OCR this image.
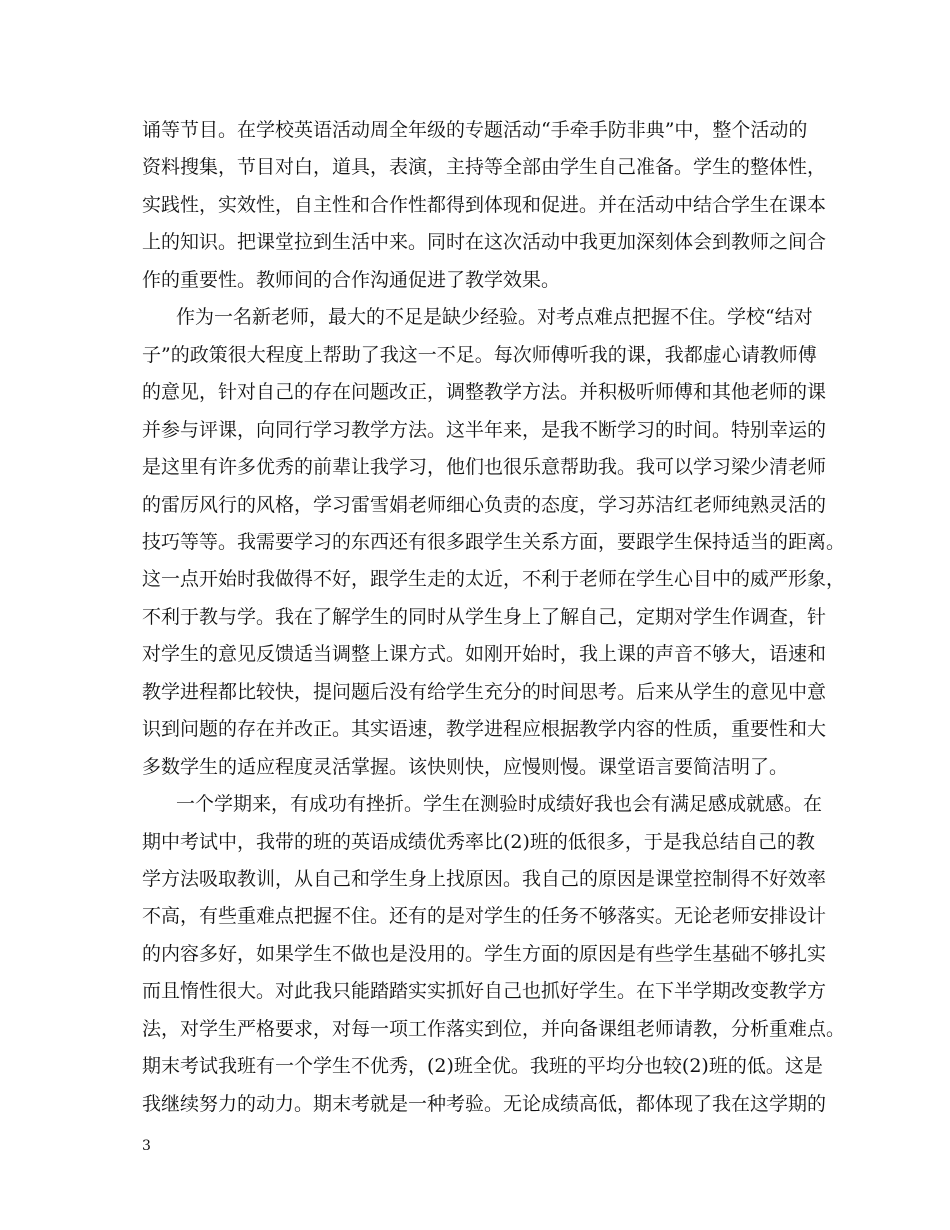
诵等节目。在学校英语活动周全年级的专题活动“手牵手防非典”中，整个活动的

资料搜集，节目对白，道具，表演，主持等全部由学生自己准备。学生的整体性，

实践性，实效性，自主性和合作性都得到体现和促进。并在活动中结合学生在课本

上的知识。把课堂拉到生活中来。同时在这次活动中我更加深刻体会到教师之间合

作的重要性。教师间的合作沟通促进了教学效果。

作为一名新老师，最大的不足是缺少经验。对考点难点把握不住。学校“结对

子”的政策很大程度上帮助了我这一不足。每次师傅听我的课，我都虚心请教师傅

的意见，针对自己的存在问题改正，调整教学方法。并积极听师傅和其他老师的课

并参与评课，向同行学习教学方法。这半年来，是我不断学习的时间。特别幸运的

是这里有许多优秀的前辈让我学习，他们也很乐意帮助我。我可以学习梁少清老师

的雷厉风行的风格，学习雷雪娟老师细心负责的态度，学习苏洁红老师纯熟灵活的

技巧等等。我需要学习的东西还有很多跟学生关系方面，要跟学生保持适当的距离。

这一点开始时我做得不好，跟学生走的太近，不利于老师在学生心目中的威严形象，

不利于教与学。我在了解学生的同时从学生身上了解自己，定期对学生作调查，针

对学生的意见反馈适当调整上课方式。如刚开始时，我上课的声音不够大，语速和

教学进程都比较快，提问题后没有给学生充分的时间思考。后来从学生的意见中意

识到问题的存在并改正。其实语速，教学进程应根据教学内容的性质，重要性和大

多数学生的适应程度灵活掌握。该快则快，应慢则慢。课堂语言要简洁明了。

一个学期来，有成功有挫折。学生在测验时成绩好我也会有满足感成就感。在

期中考试中，我带的班的英语成绩优秀率比(2)班的低很多，于是我总结自己的教

学方法吸取教训，从自己和学生身上找原因。我自己的原因是课堂控制得不好效率

不高，有些重难点把握不住。还有的是对学生的任务不够落实。无论老师安排设计

的内容多好，如果学生不做也是没用的。学生方面的原因是有些学生基础不够扎实

而且惰性很大。对此我只能踏踏实实抓好自己也抓好学生。在下半学期改变教学方

法，对学生严格要求，对每一项工作落实到位，并向备课组老师请教，分析重难点。

期末考试我班有一个学生不优秀，(2)班全优。我班的平均分也较(2)班的低。这是

我继续努力的动力。期末考就是一种考验。无论成绩高低，都体现了我在这学期的

3
